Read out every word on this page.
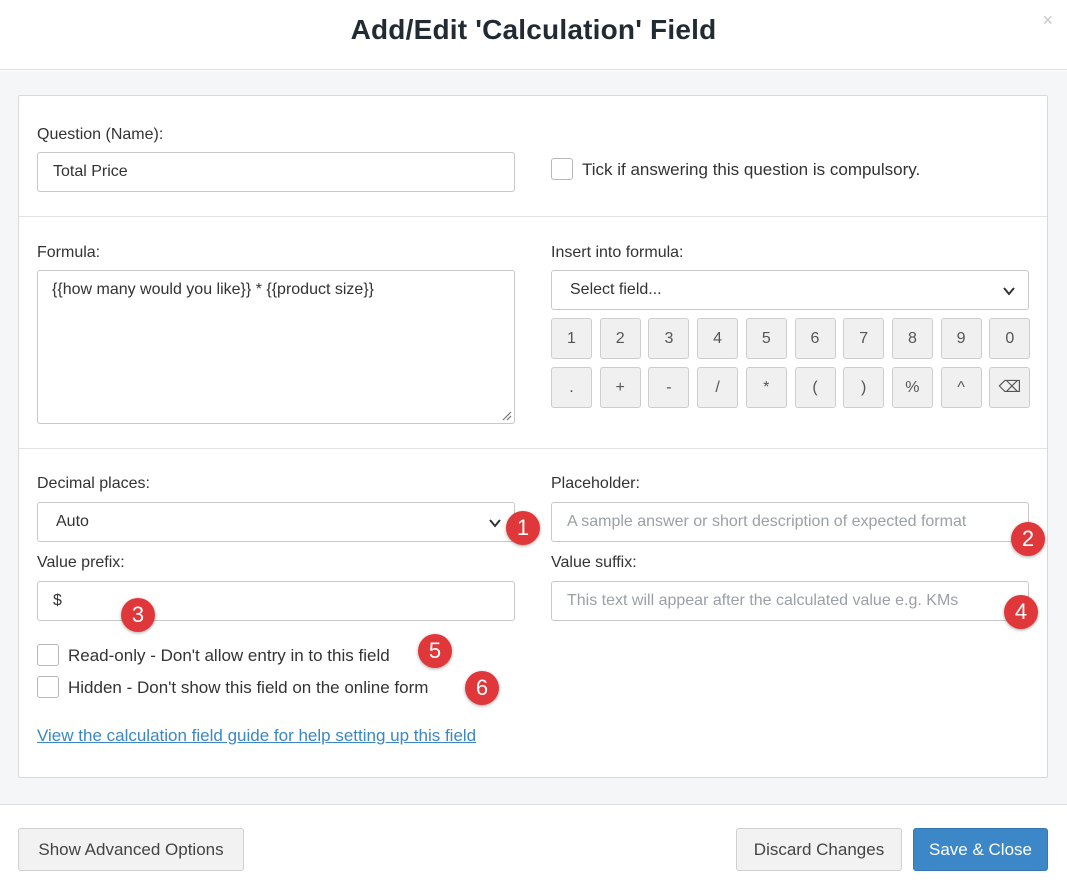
Add/Edit 'Calculation' Field	×
Question (Name):
Total Price	Tick if answering this question is compulsory.
Formula:
{{how many would you like}} * {{product size}}
Insert into formula:
Select field...
1	2	3	4	5	6	7	8	9	0
.	+	-	/	*	(	)	%	^	⌫
Decimal places:
Auto
Placeholder:
A sample answer or short description of expected format
Value prefix:
$
Value suffix:
This text will appear after the calculated value e.g. KMs
Read-only - Don't allow entry in to this field
Hidden - Don't show this field on the online form
View the calculation field guide for help setting up this field
1	2
3	4
5
6
Show Advanced Options	Discard Changes	Save & Close
